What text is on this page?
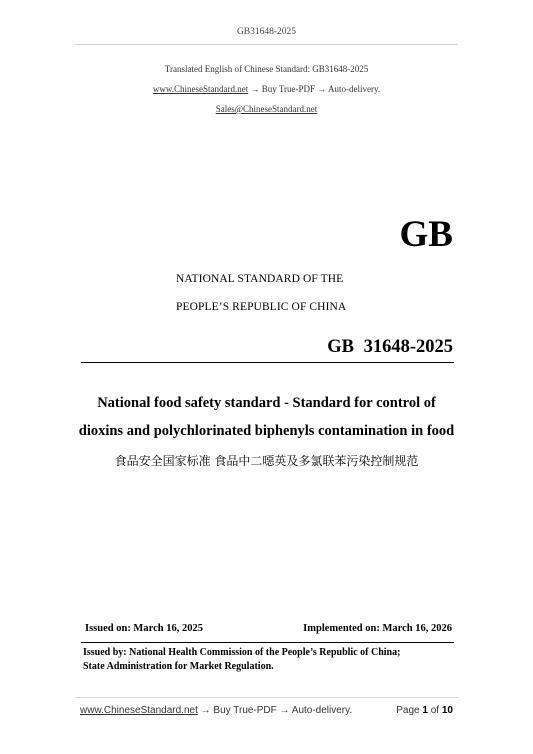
GB31648-2025
Translated English of Chinese Standard: GB31648-2025
www.ChineseStandard.net → Buy True-PDF → Auto-delivery.
Sales@ChineseStandard.net
GB
NATIONAL STANDARD OF THE
PEOPLE’S REPUBLIC OF CHINA
GB 31648-2025
National food safety standard - Standard for control of
dioxins and polychlorinated biphenyls contamination in food
食品安全国家标准 食品中二噁英及多氯联苯污染控制规范
Issued on: March 16, 2025	Implemented on: March 16, 2026
Issued by: National Health Commission of the People’s Republic of China;
State Administration for Market Regulation.
www.ChineseStandard.net → Buy True-PDF → Auto-delivery.	Page 1 of 10
